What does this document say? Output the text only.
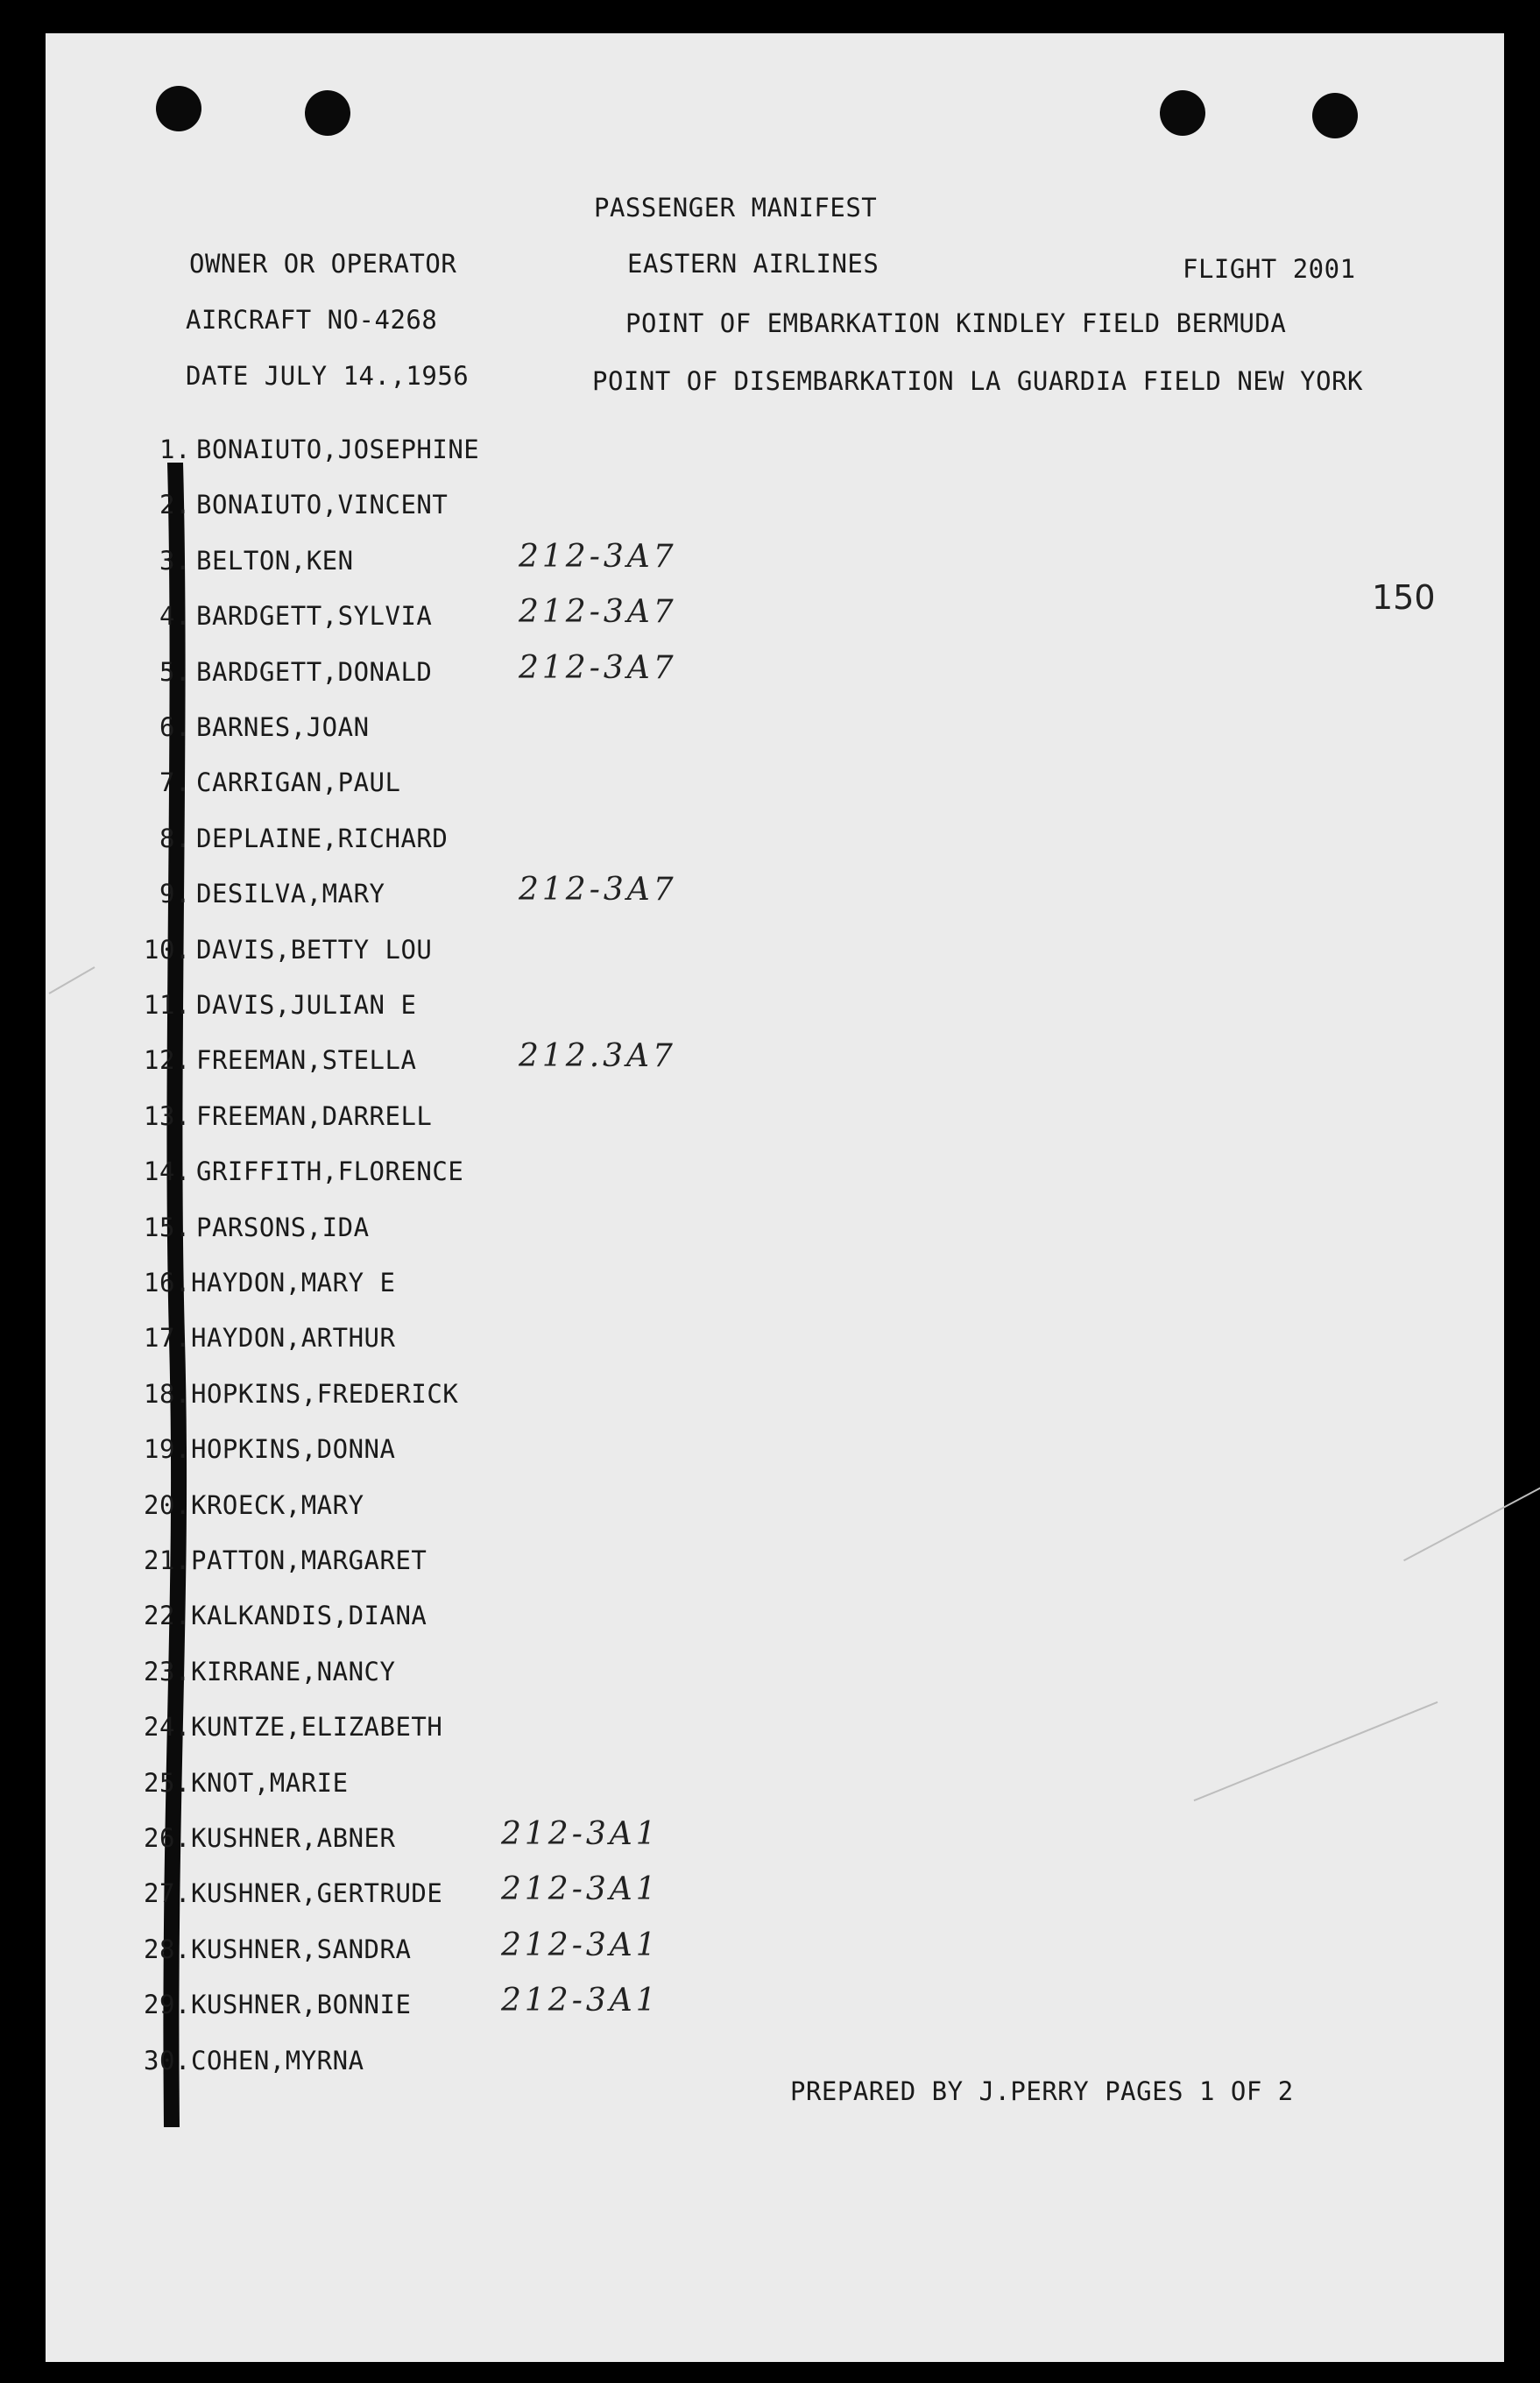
PASSENGER MANIFEST
OWNER OR OPERATOR	EASTERN AIRLINES	FLIGHT 2001
AIRCRAFT NO-4268	POINT OF EMBARKATION KINDLEY FIELD BERMUDA
DATE JULY 14.,1956	POINT OF DISEMBARKATION LA GUARDIA FIELD NEW YORK
150
1. BONAIUTO,JOSEPHINE
2. BONAIUTO,VINCENT
3. BELTON,KEN	212-3A7
4. BARDGETT,SYLVIA	212-3A7
5. BARDGETT,DONALD	212-3A7
6. BARNES,JOAN
7. CARRIGAN,PAUL
8. DEPLAINE,RICHARD
9. DESILVA,MARY	212-3A7
10. DAVIS,BETTY LOU
11. DAVIS,JULIAN E
12. FREEMAN,STELLA	212.3A7
13. FREEMAN,DARRELL
14. GRIFFITH,FLORENCE
15. PARSONS,IDA
16. HAYDON,MARY E
17. HAYDON,ARTHUR
18. HOPKINS,FREDERICK
19. HOPKINS,DONNA
20. KROECK,MARY
21. PATTON,MARGARET
22. KALKANDIS,DIANA
23. KIRRANE,NANCY
24. KUNTZE,ELIZABETH
25. KNOT,MARIE
26. KUSHNER,ABNER	212-3A1
27. KUSHNER,GERTRUDE 212-3A1
28. KUSHNER,SANDRA	212-3A1
29. KUSHNER,BONNIE	212-3A1
30. COHEN,MYRNA
PREPARED BY J.PERRY PAGES 1 OF 2
